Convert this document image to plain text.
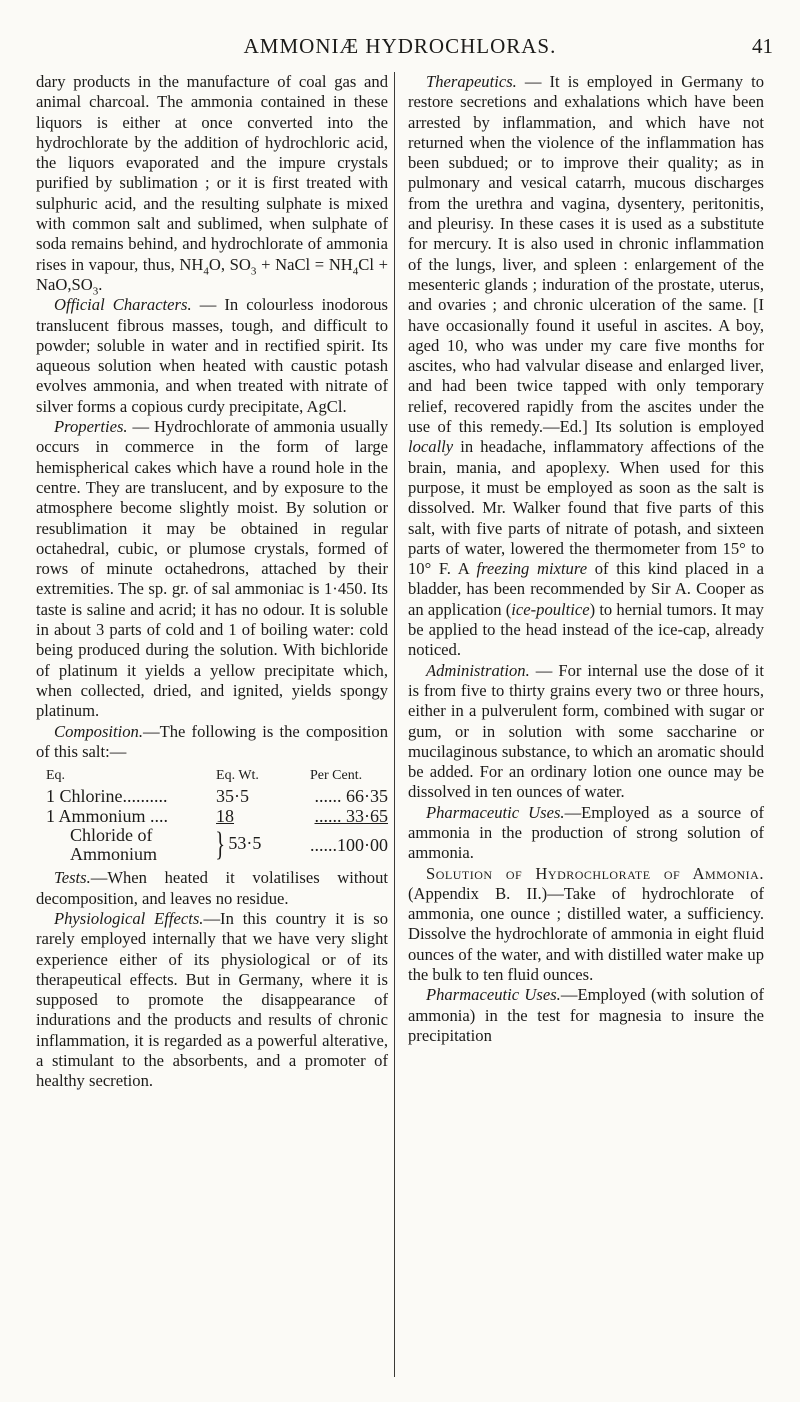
AMMONIÆ HYDROCHLORAS.	41

dary products in the manufacture of coal gas and animal charcoal. The ammonia contained in these liquors is either at once converted into the hydrochlorate by the addition of hydrochloric acid, the liquors evaporated and the impure crystals purified by sublimation ; or it is first treated with sulphuric acid, and the resulting sulphate is mixed with common salt and sublimed, when sulphate of soda remains behind, and hydrochlorate of ammonia rises in vapour, thus, $NH_4O$, $SO_3$ + NaCl = $NH_4Cl + NaO,SO_3$.

Official Characters. — In colourless inodorous translucent fibrous masses, tough, and difficult to powder; soluble in water and in rectified spirit. Its aqueous solution when heated with caustic potash evolves ammonia, and when treated with nitrate of silver forms a copious curdy precipitate, AgCl.

Properties. — Hydrochlorate of ammonia usually occurs in commerce in the form of large hemispherical cakes which have a round hole in the centre. They are translucent, and by exposure to the atmosphere become slightly moist. By solution or resublimation it may be obtained in regular octahedral, cubic, or plumose crystals, formed of rows of minute octahedrons, attached by their extremities. The sp. gr. of sal ammoniac is 1·450. Its taste is saline and acrid; it has no odour. It is soluble in about 3 parts of cold and 1 of boiling water: cold being produced during the solution. With bichloride of platinum it yields a yellow precipitate which, when collected, dried, and ignited, yields spongy platinum.

Composition.—The following is the composition of this salt:—

Eq.	Eq. Wt.	Per Cent.
1 Chlorine..........	35·5	...... 66·35
1 Ammonium ....	18	...... 33·65
Chloride of
Ammonium	} 53·5	......100·00

Tests.—When heated it volatilises without decomposition, and leaves no residue.

Physiological Effects.—In this country it is so rarely employed internally that we have very slight experience either of its physiological or of its therapeutical effects. But in Germany, where it is supposed to promote the disappearance of indurations and the products and results of chronic inflammation, it is regarded as a powerful alterative, a stimulant to the absorbents, and a promoter of healthy secretion.

Therapeutics. — It is employed in Germany to restore secretions and exhalations which have been arrested by inflammation, and which have not returned when the violence of the inflammation has been subdued; or to improve their quality; as in pulmonary and vesical catarrh, mucous discharges from the urethra and vagina, dysentery, peritonitis, and pleurisy. In these cases it is used as a substitute for mercury. It is also used in chronic inflammation of the lungs, liver, and spleen : enlargement of the mesenteric glands ; induration of the prostate, uterus, and ovaries ; and chronic ulceration of the same. [I have occasionally found it useful in ascites. A boy, aged 10, who was under my care five months for ascites, who had valvular disease and enlarged liver, and had been twice tapped with only temporary relief, recovered rapidly from the ascites under the use of this remedy.—Ed.] Its solution is employed locally in headache, inflammatory affections of the brain, mania, and apoplexy. When used for this purpose, it must be employed as soon as the salt is dissolved. Mr. Walker found that five parts of this salt, with five parts of nitrate of potash, and sixteen parts of water, lowered the thermometer from 15° to 10° F. A freezing mixture of this kind placed in a bladder, has been recommended by Sir A. Cooper as an application (ice-poultice) to hernial tumors. It may be applied to the head instead of the ice-cap, already noticed.

Administration. — For internal use the dose of it is from five to thirty grains every two or three hours, either in a pulverulent form, combined with sugar or gum, or in solution with some saccharine or mucilaginous substance, to which an aromatic should be added. For an ordinary lotion one ounce may be dissolved in ten ounces of water.

Pharmaceutic Uses.—Employed as a source of ammonia in the production of strong solution of ammonia.

Solution of Hydrochlorate of Ammonia. (Appendix B. II.)—Take of hydrochlorate of ammonia, one ounce ; distilled water, a sufficiency. Dissolve the hydrochlorate of ammonia in eight fluid ounces of the water, and with distilled water make up the bulk to ten fluid ounces.

Pharmaceutic Uses.—Employed (with solution of ammonia) in the test for magnesia to insure the precipitation
